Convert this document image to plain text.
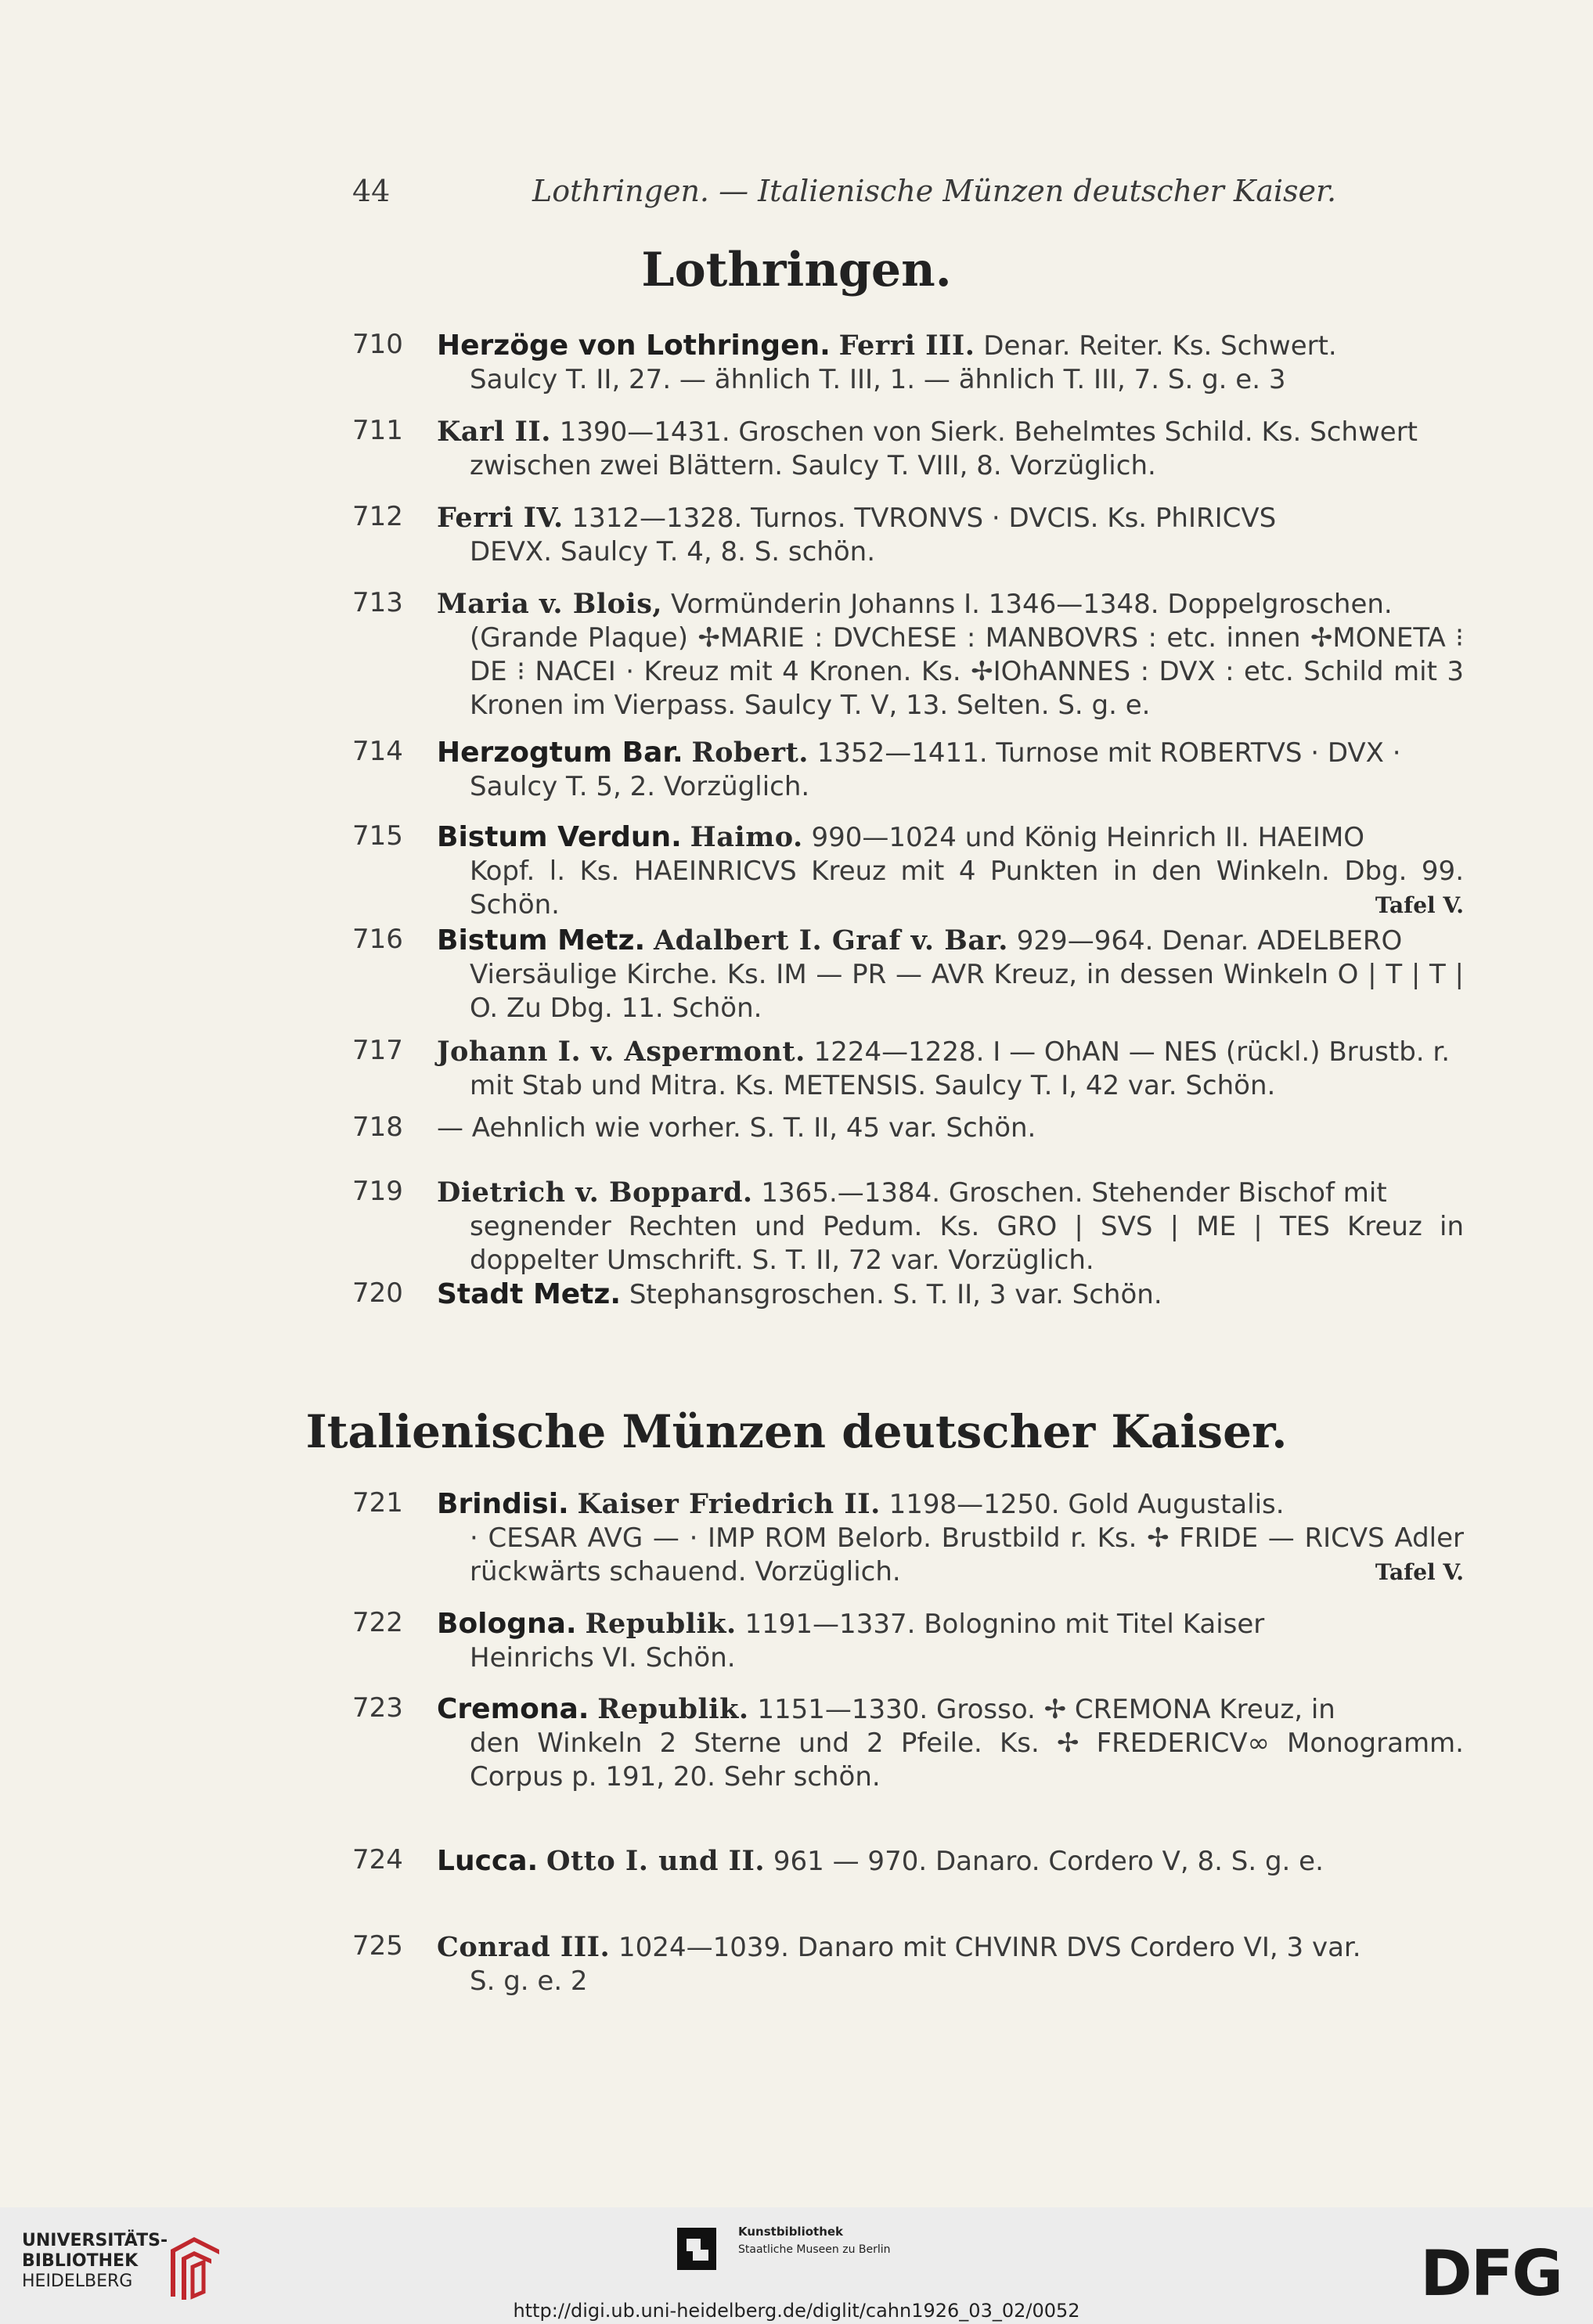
44	Lothringen. — Italienische Münzen deutscher Kaiser.
Lothringen.
710	Herzöge von Lothringen. Ferri III. Denar. Reiter. Ks. Schwert.
Saulcy T. II, 27. — ähnlich T. III, 1. — ähnlich T. III, 7. S. g. e. 3
711	Karl II. 1390—1431. Groschen von Sierk. Behelmtes Schild. Ks. Schwert
zwischen zwei Blättern. Saulcy T. VIII, 8. Vorzüglich.
712	Ferri IV. 1312—1328. Turnos. TVRONVS · DVCIS. Ks. PhIRICVS
DEVX. Saulcy T. 4, 8. S. schön.
713	Maria v. Blois, Vormünderin Johanns I. 1346—1348. Doppelgroschen.
(Grande Plaque) ✢MARIE : DVChESE : MANBOVRS : etc. innen ✢MONETA ⁝ DE ⁝ NACEI · Kreuz mit 4 Kronen. Ks. ✢IOhANNES : DVX : etc. Schild mit 3 Kronen im Vierpass. Saulcy T. V, 13. Selten. S. g. e.
714	Herzogtum Bar. Robert. 1352—1411. Turnose mit ROBERTVS · DVX ·
Saulcy T. 5, 2. Vorzüglich.
715	Bistum Verdun. Haimo. 990—1024 und König Heinrich II. HAEIMO
Kopf. l. Ks. HAEINRICVS Kreuz mit 4 Punkten in den Winkeln. Dbg. 99. Schön.	Tafel V.
716	Bistum Metz. Adalbert I. Graf v. Bar. 929—964. Denar. ADELBERO
Viersäulige Kirche. Ks. IM — PR — AVR Kreuz, in dessen Winkeln O | T | T | O. Zu Dbg. 11. Schön.
717	Johann I. v. Aspermont. 1224—1228. I — OhAN — NES (rückl.) Brustb. r.
mit Stab und Mitra. Ks. METENSIS. Saulcy T. I, 42 var. Schön.
718	— Aehnlich wie vorher. S. T. II, 45 var. Schön.
719	Dietrich v. Boppard. 1365.—1384. Groschen. Stehender Bischof mit
segnender Rechten und Pedum. Ks. GRO | SVS | ME | TES Kreuz in doppelter Umschrift. S. T. II, 72 var. Vorzüglich.
720	Stadt Metz. Stephansgroschen. S. T. II, 3 var. Schön.
Italienische Münzen deutscher Kaiser.
721	Brindisi. Kaiser Friedrich II. 1198—1250. Gold Augustalis.
· CESAR AVG — · IMP ROM Belorb. Brustbild r. Ks. ✢ FRIDE — RICVS Adler rückwärts schauend. Vorzüglich.	Tafel V.
722	Bologna. Republik. 1191—1337. Bolognino mit Titel Kaiser
Heinrichs VI. Schön.
723	Cremona. Republik. 1151—1330. Grosso. ✢ CREMONA Kreuz, in
den Winkeln 2 Sterne und 2 Pfeile. Ks. ✢ FREDERICV∞ Monogramm. Corpus p. 191, 20. Sehr schön.
724	Lucca. Otto I. und II. 961 — 970. Danaro. Cordero V, 8. S. g. e.
725	Conrad III. 1024—1039. Danaro mit CHVINR DVS Cordero VI, 3 var.
S. g. e. 2
UNIVERSITÄTS-
BIBLIOTHEK
HEIDELBERG
Kunstbibliothek
Staatliche Museen zu Berlin	DFG
http://digi.ub.uni-heidelberg.de/diglit/cahn1926_03_02/0052
